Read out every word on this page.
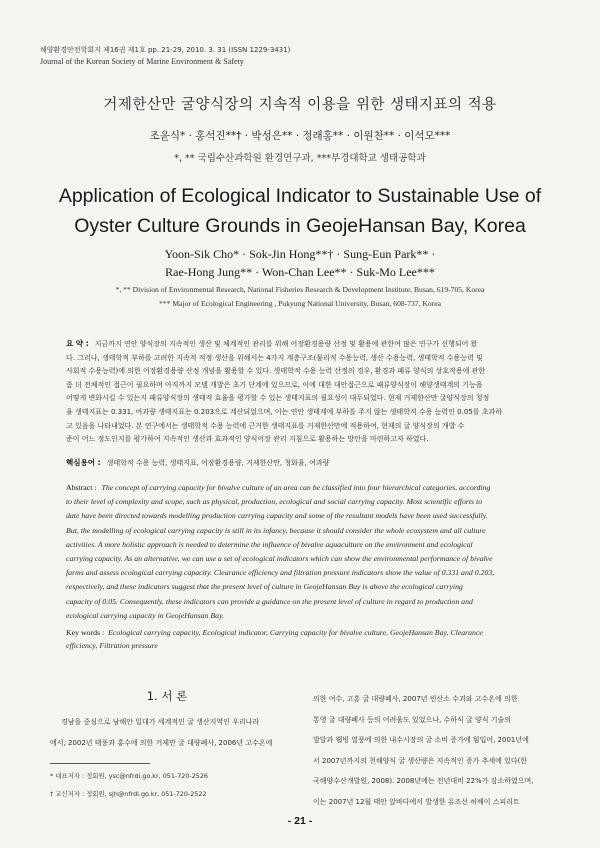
해양환경안전학회지 제16권 제1호 pp. 21-29, 2010. 3. 31 (ISSN 1229-3431)
Journal of the Korean Society of Marine Environment & Safety
거제한산만 굴양식장의 지속적 이용을 위한 생태지표의 적용
조윤식* · 홍석진**† · 박성은** · 정래홍** · 이원찬** · 이석모***
*, ** 국립수산과학원 환경연구과, ***부경대학교 생태공학과
Application of Ecological Indicator to Sustainable Use of
Oyster Culture Grounds in GeojeHansan Bay, Korea
Yoon-Sik Cho* · Sok-Jin Hong**† · Sung-Eun Park** ·
Rae-Hong Jung** · Won-Chan Lee** · Suk-Mo Lee***
*, ** Division of Environmental Research, National Fisheries Research & Development Institute, Busan, 619-705, Korea
*** Major of Ecological Engineering , Pukyung National University, Busan, 608-737, Korea
요 약 : 지금까지 연안 양식장의 지속적인 생산 및 체계적인 관리를 위해 어장환경용량 산정 및 활용에 관한여 많은 연구가 선행되어 왔
다. 그러나, 생태학적 부하를 고려한 지속적 적정 생산을 위해서는 4가지 계층구조(물리적 수용능력, 생산 수용능력, 생태학적 수용능력 및
사회적 수용능력)에 의한 어장환경용량 산정 개념을 활용할 수 있다. 생태학적 수용 능력 산정의 경우, 환경과 패류 양식의 상호작용에 관한
좀 더 전체적인 접근이 필요하며 아직까지 모델 개발은 초기 단계에 있으므로, 이에 대한 대안접근으로 패류양식장이 해양생태계의 기능을
어떻게 변화시킬 수 있는지 패류양식장의 생태적 효율을 평가할 수 있는 생태지표의 필요성이 대두되었다. 현재 거제한산만 굴양식장의 청정
율 생태지표는 0.331, 여과량 생태지표는 0.203으로 계산되었으며, 이는 연안 생태계에 부하를 주지 않는 생태학적 수용 능력인 0.05를 초과하
고 있음을 나타내었다. 본 연구에서는 생태학적 수용 능력에 근거한 생태지표를 거제한산만에 적용하여, 현재의 굴 양식장의 개발 수
준이 어느 정도인지를 평가하여 지속적인 생산과 효과적인 양식어장 관리 지침으로 활용하는 방안을 마련하고자 하였다.
핵심용어 : 생태학적 수용 능력, 생태지표, 어장환경용량, 거제한산만, 청화율, 여과량
Abstract : The concept of carrying capacity for bivalve culture of an area can be classified into four hierarchical categories, according
to their level of complexity and scope, such as physical, production, ecological and social carrying capacity. Most scientific efforts to
date have been directed towards modelling production carrying capacity and some of the resultant models have been used successfully.
But, the modelling of ecological carrying capacity is still in its infancy, because it should consider the whole ecosystem and all culture
activities. A more holistic approach is needed to determine the influence of bivalve aquaculture on the environment and ecological
carrying capacity. As an alternative, we can use a set of ecological indicators which can show the environmental performance of bivalve
farms and assess ecological carrying capacity. Clearance efficiency and filtration pressure indicators show the value of 0.331 and 0.203,
respectively, and these indicators suggest that the present level of culture in GeojeHansan Bay is above the ecological carrying
capacity of 0.05. Consequently, these indicators can provide a guidance on the present level of culture in regard to production and
ecological carrying capacity in GeojeHansan Bay.
Key words : Ecological carrying capacity, Ecological indicator, Carrying capacity for bivalve culture, GeojeHansan Bay, Clearance
efficiency, Filtration pressure
1. 서 론
경남을 중심으로 남해안 일대가 세계적인 굴 생산지역인 우리나라
에서, 2002년 태풍과 홍수에 의한 거제만 굴 대량폐사, 2006년 고수온에
* 대표저자 : 정회원, ysc@nfrdi.go.kr, 051-720-2526
† 교신저자 : 정회원, sjh@nfrdi.go.kr, 051-720-2522
의한 여수, 고흥 굴 대량폐사, 2007년 빈산소 수괴와 고수온에 의한
통영 굴 대량폐사 등의 어려움도 있었으나, 수하식 굴 양식 기술의
발달과 웰빙 열풍에 의한 내수시장의 굴 소비 증가에 힘입어, 2001년에
서 2007년까지의 천해양식 굴 생산량은 지속적인 증가 추세에 있다(한
국해양수산개발원, 2008). 2008년에는 전년대비 22%가 감소하였으며,
이는 2007년 12월 태안 앞바다에서 발생한 유조선 허베이 스피리트
- 21 -
